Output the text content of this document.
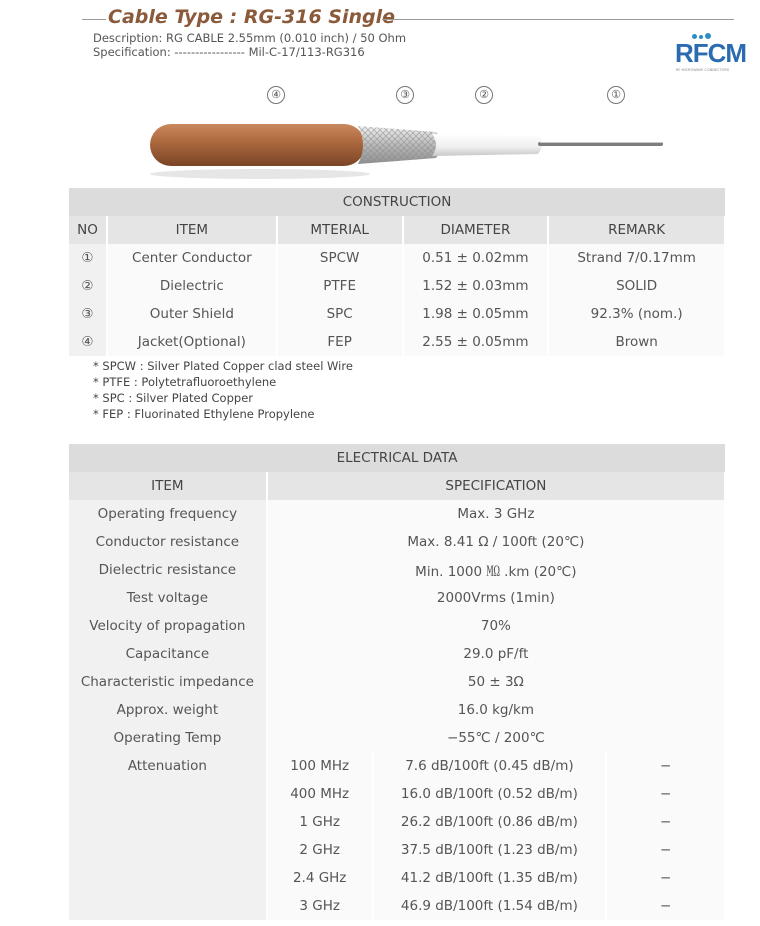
Cable Type : RG-316 Single
Description: RG CABLE 2.55mm (0.010 inch) / 50 Ohm
Specification: ----------------- Mil-C-17/113-RG316	RFCM
RF MICROWAVE CONNECTORS
④	③	②	①
CONSTRUCTION				
NO	ITEM	MTERIAL	DIAMETER	REMARK
①	Center Conductor	SPCW	0.51 ± 0.02mm	Strand 7/0.17mm
②	Dielectric	PTFE	1.52 ± 0.03mm	SOLID
③	Outer Shield	SPC	1.98 ± 0.05mm	92.3% (nom.)
④	Jacket(Optional)	FEP	2.55 ± 0.05mm	Brown
* SPCW : Silver Plated Copper clad steel Wire
* PTFE : Polytetrafluoroethylene
* SPC : Silver Plated Copper
* FEP : Fluorinated Ethylene Propylene
ELECTRICAL DATA			
ITEM	SPECIFICATION		
Operating frequency	Max. 3 GHz		
Conductor resistance	Max. 8.41 Ω / 100ft (20℃)		
Dielectric resistance	Min. 1000 ㏁ .km (20℃)		
Test voltage	2000Vrms (1min)		
Velocity of propagation	70%		
Capacitance	29.0 pF/ft		
Characteristic impedance	50 ± 3Ω		
Approx. weight	16.0 kg/km		
Operating Temp	−55℃ / 200℃		
Attenuation	100 MHz	7.6 dB/100ft (0.45 dB/m)	−
	400 MHz	16.0 dB/100ft (0.52 dB/m)	−
	1 GHz	26.2 dB/100ft (0.86 dB/m)	−
	2 GHz	37.5 dB/100ft (1.23 dB/m)	−
	2.4 GHz	41.2 dB/100ft (1.35 dB/m)	−
	3 GHz	46.9 dB/100ft (1.54 dB/m)	−
